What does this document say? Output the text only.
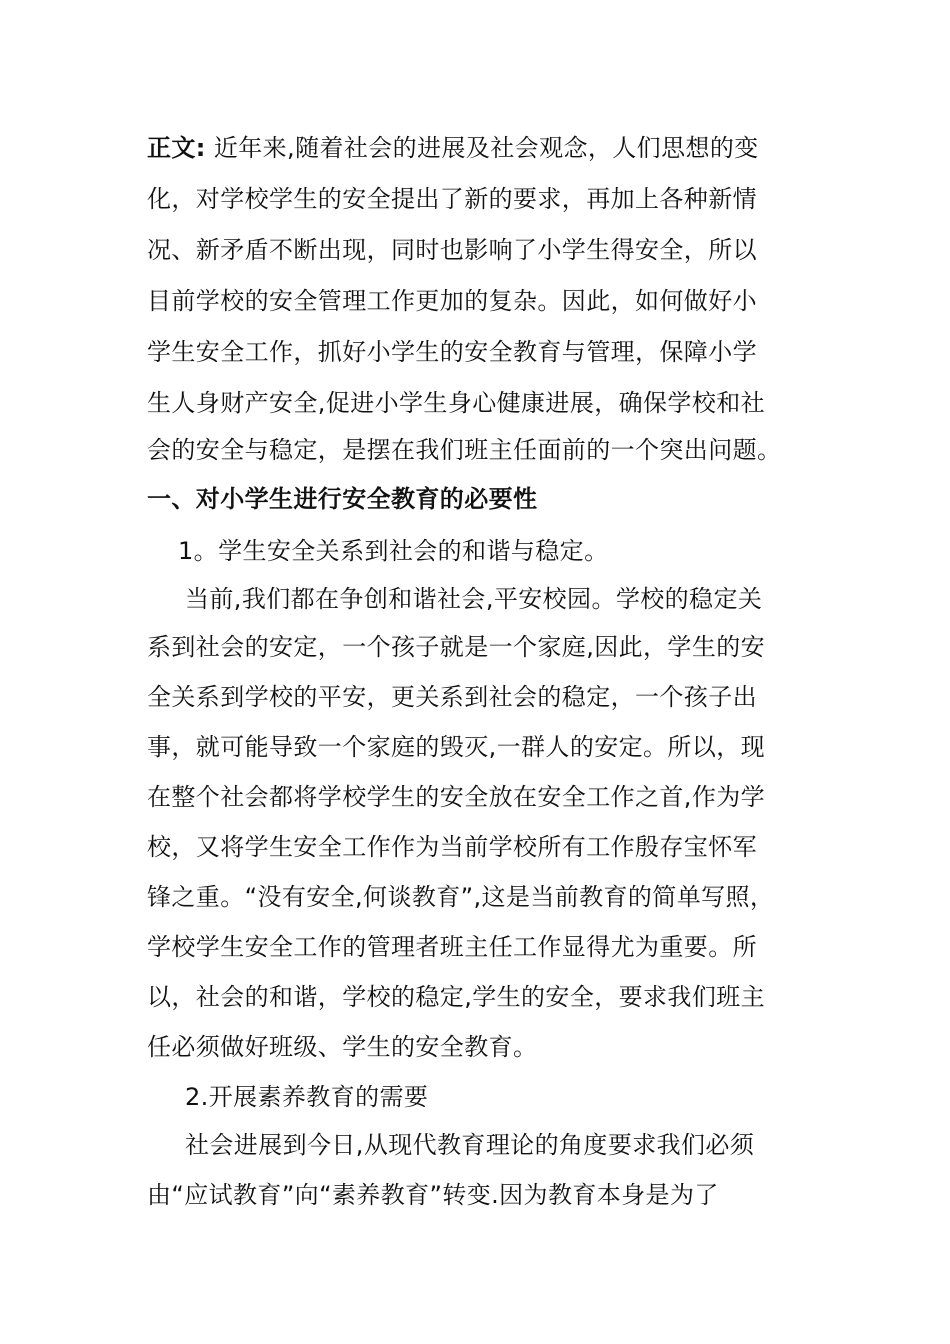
正文: 近年来,随着社会的进展及社会观念，人们思想的变
化，对学校学生的安全提出了新的要求，再加上各种新情
况、新矛盾不断出现，同时也影响了小学生得安全，所以
目前学校的安全管理工作更加的复杂。因此，如何做好小
学生安全工作，抓好小学生的安全教育与管理，保障小学
生人身财产安全,促进小学生身心健康进展，确保学校和社
会的安全与稳定，是摆在我们班主任面前的一个突出问题。
一、对小学生进行安全教育的必要性
1。学生安全关系到社会的和谐与稳定。
当前,我们都在争创和谐社会,平安校园。学校的稳定关
系到社会的安定，一个孩子就是一个家庭,因此，学生的安
全关系到学校的平安，更关系到社会的稳定，一个孩子出
事，就可能导致一个家庭的毁灭,一群人的安定。所以，现
在整个社会都将学校学生的安全放在安全工作之首,作为学
校，又将学生安全工作作为当前学校所有工作殷存宝怀军
锋之重。“没有安全,何谈教育”,这是当前教育的简单写照，
学校学生安全工作的管理者班主任工作显得尤为重要。所
以，社会的和谐，学校的稳定,学生的安全，要求我们班主
任必须做好班级、学生的安全教育。
2.开展素养教育的需要
社会进展到今日,从现代教育理论的角度要求我们必须
由“应试教育”向“素养教育”转变.因为教育本身是为了
